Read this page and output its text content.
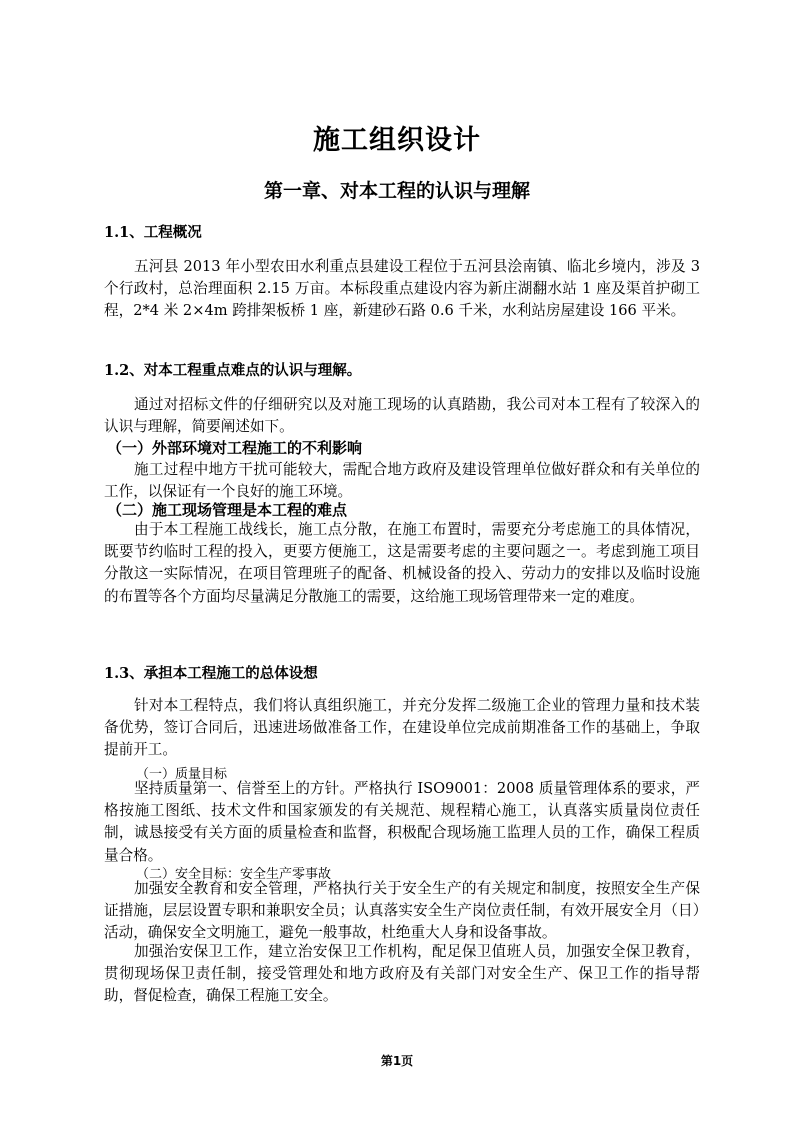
施工组织设计
第一章、对本工程的认识与理解
1.1、工程概况
五河县 2013 年小型农田水利重点县建设工程位于五河县浍南镇、临北乡境内，涉及 3 个行政村，总治理面积 2.15 万亩。本标段重点建设内容为新庄湖翻水站 1 座及渠首护砌工程，2*4 米 2×4m 跨排架板桥 1 座，新建砂石路 0.6 千米，水利站房屋建设 166 平米。
1.2、对本工程重点难点的认识与理解。
通过对招标文件的仔细研究以及对施工现场的认真踏勘，我公司对本工程有了较深入的认识与理解，简要阐述如下。
（一）外部环境对工程施工的不利影响
施工过程中地方干扰可能较大，需配合地方政府及建设管理单位做好群众和有关单位的工作，以保证有一个良好的施工环境。
（二）施工现场管理是本工程的难点
由于本工程施工战线长，施工点分散，在施工布置时，需要充分考虑施工的具体情况，既要节约临时工程的投入，更要方便施工，这是需要考虑的主要问题之一。考虑到施工项目分散这一实际情况，在项目管理班子的配备、机械设备的投入、劳动力的安排以及临时设施的布置等各个方面均尽量满足分散施工的需要，这给施工现场管理带来一定的难度。
1.3、承担本工程施工的总体设想
针对本工程特点，我们将认真组织施工，并充分发挥二级施工企业的管理力量和技术装备优势，签订合同后，迅速进场做准备工作，在建设单位完成前期准备工作的基础上，争取提前开工。
（一）质量目标
坚持质量第一、信誉至上的方针。严格执行 ISO9001：2008 质量管理体系的要求，严格按施工图纸、技术文件和国家颁发的有关规范、规程精心施工，认真落实质量岗位责任制，诚恳接受有关方面的质量检查和监督，积极配合现场施工监理人员的工作，确保工程质量合格。
（二）安全目标：安全生产零事故
加强安全教育和安全管理，严格执行关于安全生产的有关规定和制度，按照安全生产保证措施，层层设置专职和兼职安全员；认真落实安全生产岗位责任制，有效开展安全月（日）活动，确保安全文明施工，避免一般事故，杜绝重大人身和设备事故。
加强治安保卫工作，建立治安保卫工作机构，配足保卫值班人员，加强安全保卫教育，贯彻现场保卫责任制，接受管理处和地方政府及有关部门对安全生产、保卫工作的指导帮助，督促检查，确保工程施工安全。
第1页
